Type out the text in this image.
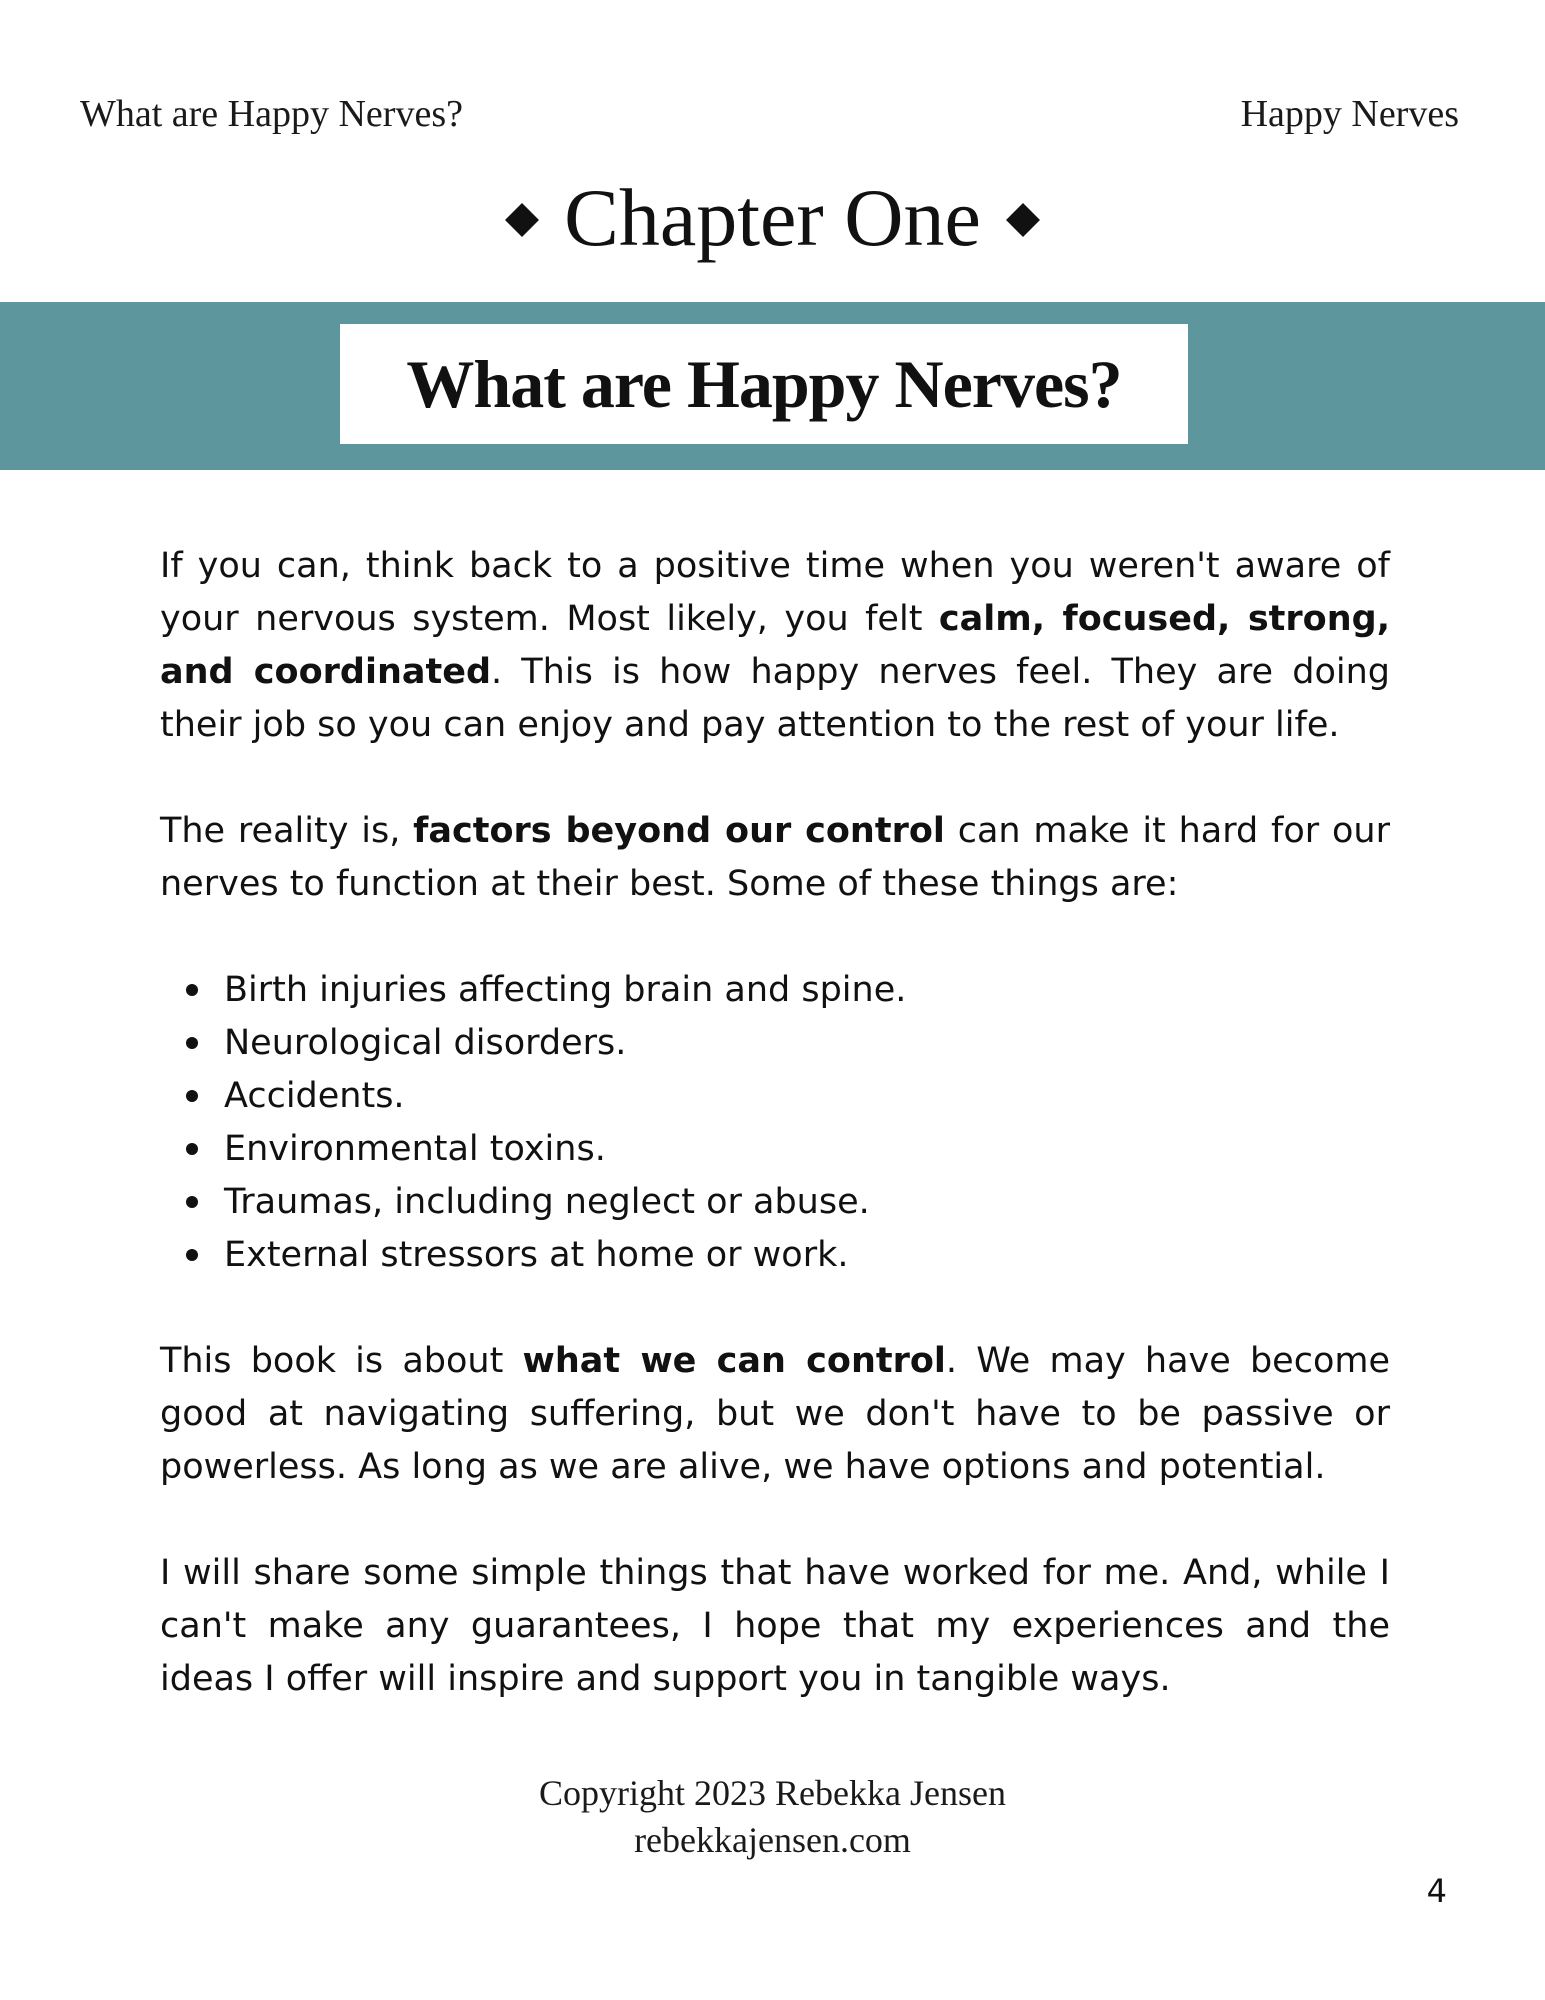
What are Happy Nerves?	Happy Nerves
Chapter One
What are Happy Nerves?

If you can, think back to a positive time when you weren't aware of your nervous system. Most likely, you felt calm, focused, strong, and coordinated. This is how happy nerves feel. They are doing their job so you can enjoy and pay attention to the rest of your life.

The reality is, factors beyond our control can make it hard for our nerves to function at their best. Some of these things are:

Birth injuries affecting brain and spine.
Neurological disorders.
Accidents.
Environmental toxins.
Traumas, including neglect or abuse.
External stressors at home or work.

This book is about what we can control. We may have become good at navigating suffering, but we don't have to be passive or powerless. As long as we are alive, we have options and potential.

I will share some simple things that have worked for me. And, while I can't make any guarantees, I hope that my experiences and the ideas I offer will inspire and support you in tangible ways.

Copyright 2023 Rebekka Jensen
rebekkajensen.com
4
